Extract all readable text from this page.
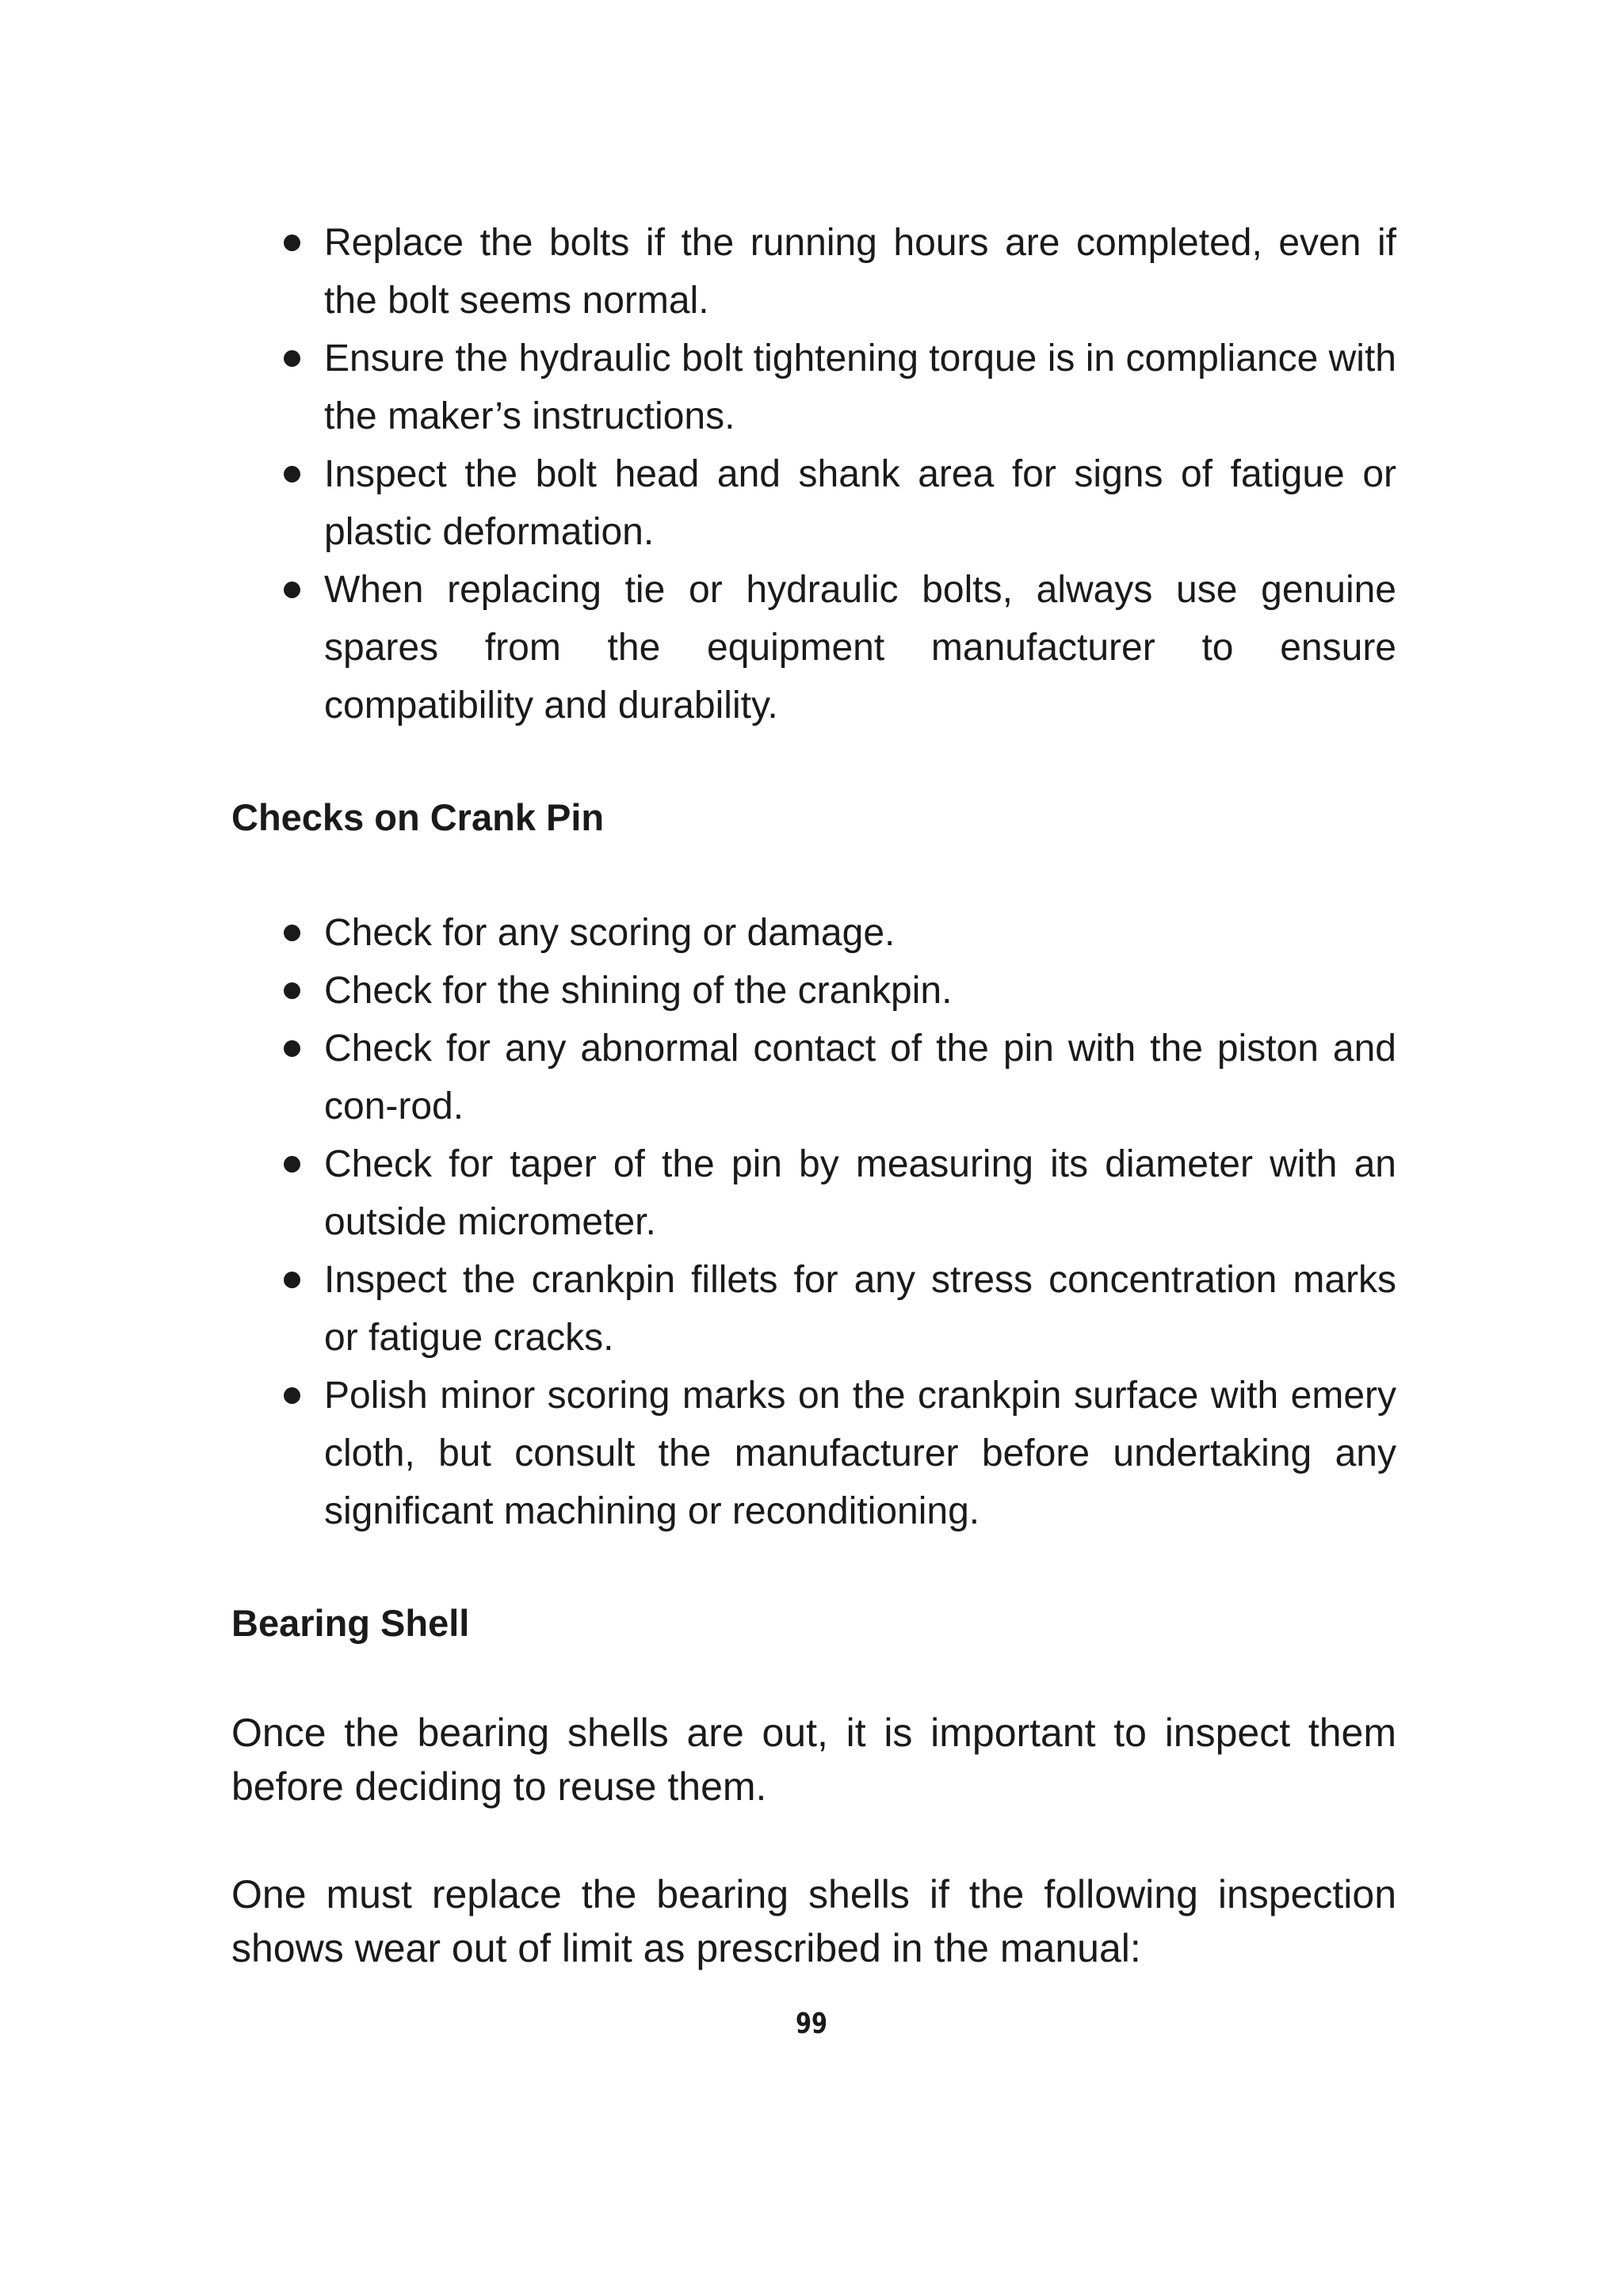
Replace the bolts if the running hours are completed, even if the bolt seems normal.
Ensure the hydraulic bolt tightening torque is in compliance with the maker’s instructions.
Inspect the bolt head and shank area for signs of fatigue or plastic deformation.
When replacing tie or hydraulic bolts, always use genuine spares from the equipment manufacturer to ensure compatibility and durability.
Checks on Crank Pin
Check for any scoring or damage.
Check for the shining of the crankpin.
Check for any abnormal contact of the pin with the piston and con-rod.
Check for taper of the pin by measuring its diameter with an outside micrometer.
Inspect the crankpin fillets for any stress concentration marks or fatigue cracks.
Polish minor scoring marks on the crankpin surface with emery cloth, but consult the manufacturer before undertaking any significant machining or reconditioning.
Bearing Shell

Once the bearing shells are out, it is important to inspect them before deciding to reuse them.

One must replace the bearing shells if the following inspection shows wear out of limit as prescribed in the manual:

99
